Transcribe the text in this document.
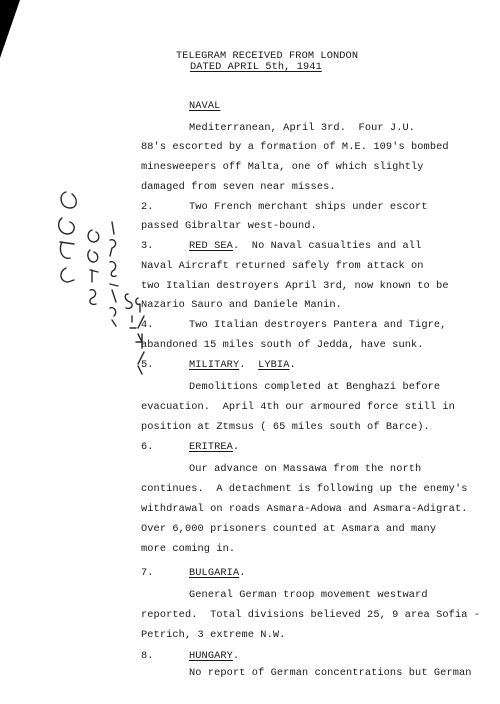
TELEGRAM RECEIVED FROM LONDON
DATED APRIL 5th, 1941
NAVAL
Mediterranean, April 3rd.  Four J.U.
88's escorted by a formation of M.E. 109's bombed
minesweepers off Malta, one of which slightly
damaged from seven near misses.
2.	Two French merchant ships under escort
passed Gibraltar west-bound.
3.	RED SEA.  No Naval casualties and all
Naval Aircraft returned safely from attack on
two Italian destroyers April 3rd, now known to be
Nazario Sauro and Daniele Manin.
4.	Two Italian destroyers Pantera and Tigre,
abandoned 15 miles south of Jedda, have sunk.
5.	MILITARY. LYBIA.
Demolitions completed at Benghazi before
evacuation.  April 4th our armoured force still in
position at Ztmsus ( 65 miles south of Barce).
6.	ERITREA.
Our advance on Massawa from the north
continues.  A detachment is following up the enemy's
withdrawal on roads Asmara-Adowa and Asmara-Adigrat.
Over 6,000 prisoners counted at Asmara and many
more coming in.
7.	BULGARIA.
General German troop movement westward
reported.  Total divisions believed 25, 9 area Sofia -
Petrich, 3 extreme N.W.
8.	HUNGARY.
No report of German concentrations but German
